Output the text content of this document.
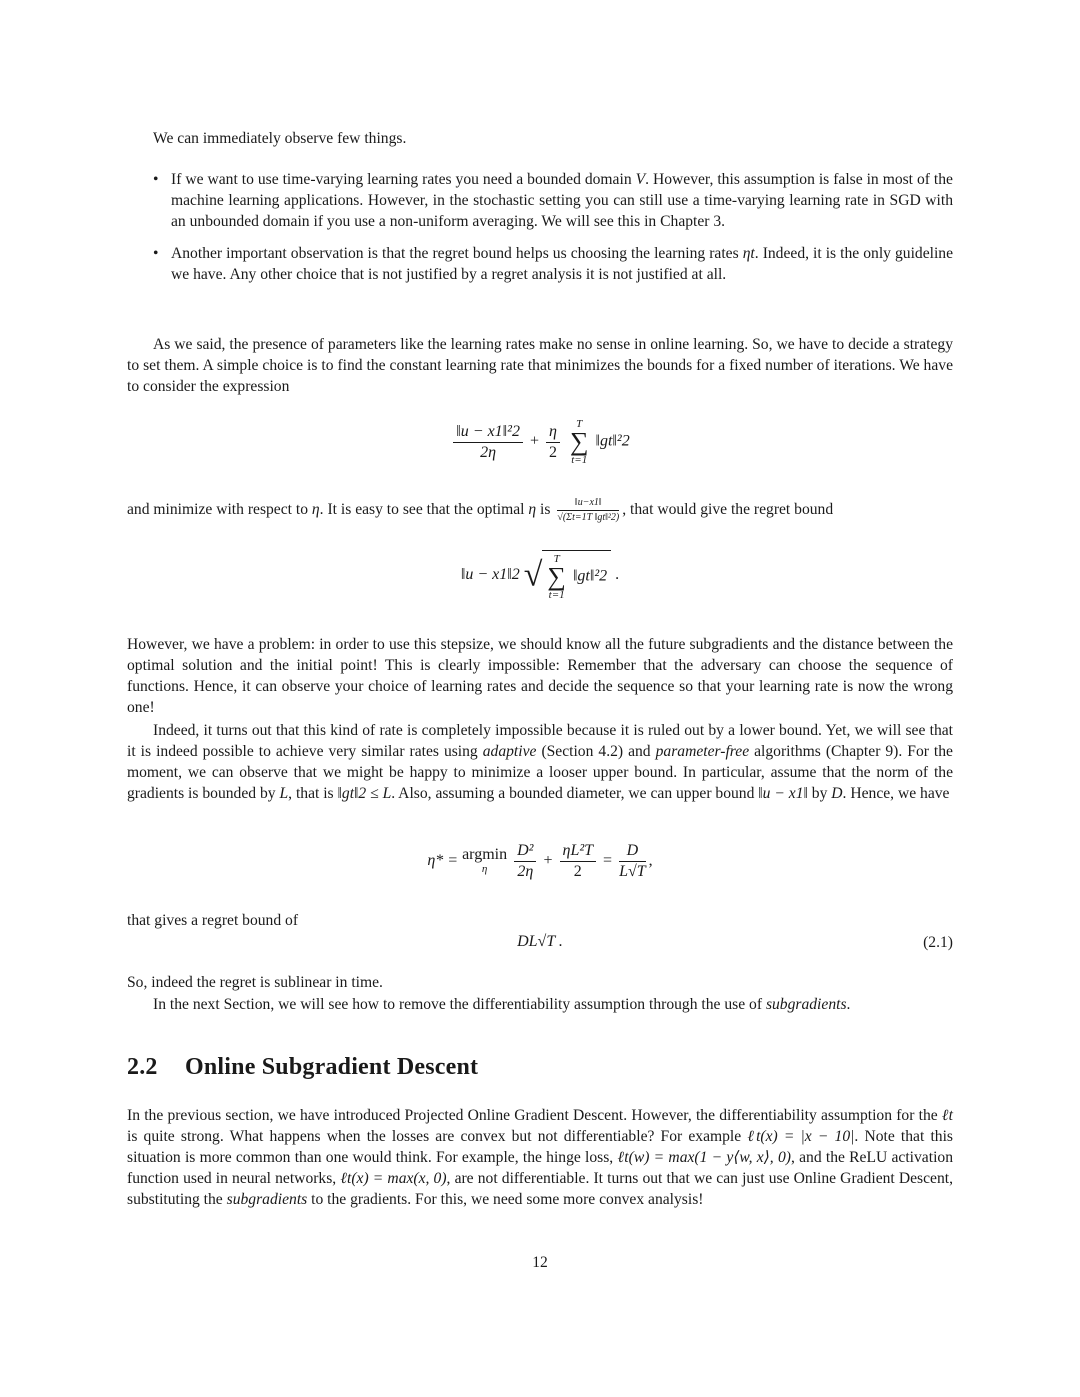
We can immediately observe few things.

• If we want to use time-varying learning rates you need a bounded domain V. However, this assumption is false in most of the machine learning applications. However, in the stochastic setting you can still use a time-varying learning rate in SGD with an unbounded domain if you use a non-uniform averaging. We will see this in Chapter 3.
• Another important observation is that the regret bound helps us choosing the learning rates ηt. Indeed, it is the only guideline we have. Any other choice that is not justified by a regret analysis it is not justified at all.

As we said, the presence of parameters like the learning rates make no sense in online learning. So, we have to decide a strategy to set them. A simple choice is to find the constant learning rate that minimizes the bounds for a fixed number of iterations. We have to consider the expression

$\frac{\text{‖u − x1‖²2}}{2\eta} + \frac{\eta}{2}$ T
∑
t=1 ‖gt‖²2

and minimize with respect to η. It is easy to see that the optimal η is $\frac{‖u-x1‖}{\text{√(Σt=1T ‖gt‖²2)}}$ , that would give the regret bound

‖u − x1‖2 √ T
∑
t=1 ‖gt‖²2 .

However, we have a problem: in order to use this stepsize, we should know all the future subgradients and the distance between the optimal solution and the initial point! This is clearly impossible: Remember that the adversary can choose the sequence of functions. Hence, it can observe your choice of learning rates and decide the sequence so that your learning rate is now the wrong one!

Indeed, it turns out that this kind of rate is completely impossible because it is ruled out by a lower bound. Yet, we will see that it is indeed possible to achieve very similar rates using adaptive (Section 4.2) and parameter-free algorithms (Chapter 9). For the moment, we can observe that we might be happy to minimize a looser upper bound. In particular, assume that the norm of the gradients is bounded by L, that is ‖gt‖2 ≤ L. Also, assuming a bounded diameter, we can upper bound ‖u − x1‖ by D. Hence, we have

η* = argmin
η
	$\frac{\text{D²}}{2\eta} + \frac{\text{ηL²T}}{2} = \frac{D}{L√T}$ ,

that gives a regret bound of

DL√T .	(2.1)

So, indeed the regret is sublinear in time.

In the next Section, we will see how to remove the differentiability assumption through the use of subgradients.

2.2 Online Subgradient Descent

In the previous section, we have introduced Projected Online Gradient Descent. However, the differentiability assumption for the ℓt is quite strong. What happens when the losses are convex but not differentiable? For example ℓt(x) = |x − 10|. Note that this situation is more common than one would think. For example, the hinge loss, ℓt(w) = max(1 − y⟨w, x⟩, 0), and the ReLU activation function used in neural networks, ℓt(x) = max(x, 0), are not differentiable. It turns out that we can just use Online Gradient Descent, substituting the subgradients to the gradients. For this, we need some more convex analysis!

12
